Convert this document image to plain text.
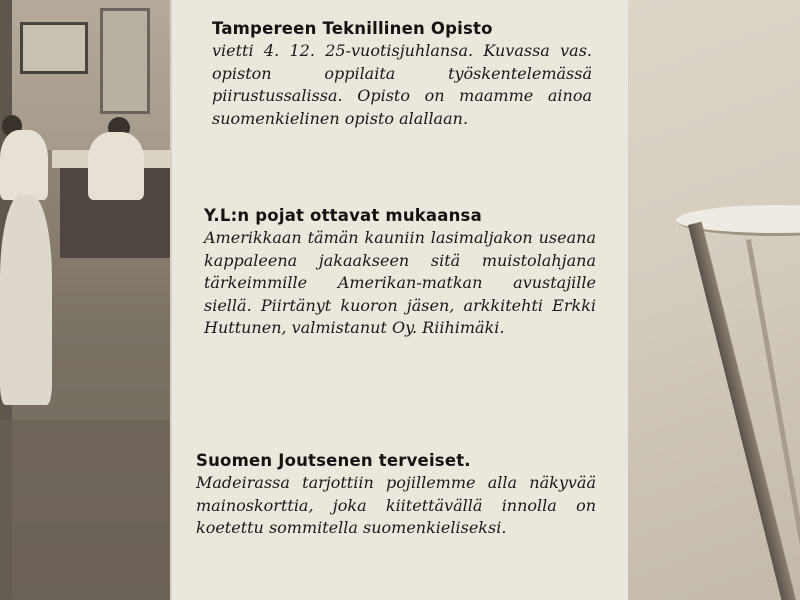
Tampereen Teknillinen Opisto
vietti 4. 12. 25-vuotisjuhlansa. Kuvassa vas. opiston oppilaita työskentelemässä piirustussalissa. Opisto on maamme ainoa suomenkielinen opisto alallaan.
Y.L:n pojat ottavat mukaansa
Amerikkaan tämän kauniin lasimaljakon useana kappaleena jakaakseen sitä muistolahjana tärkeimmille Amerikan-matkan avustajille siellä. Piirtänyt kuoron jäsen, arkkitehti Erkki Huttunen, valmistanut Oy. Riihimäki.
Suomen Joutsenen terveiset.
Madeirassa tarjottiin pojillemme alla näkyvää mainoskorttia, joka kiitettävällä innolla on koetettu sommitella suomenkieliseksi.
